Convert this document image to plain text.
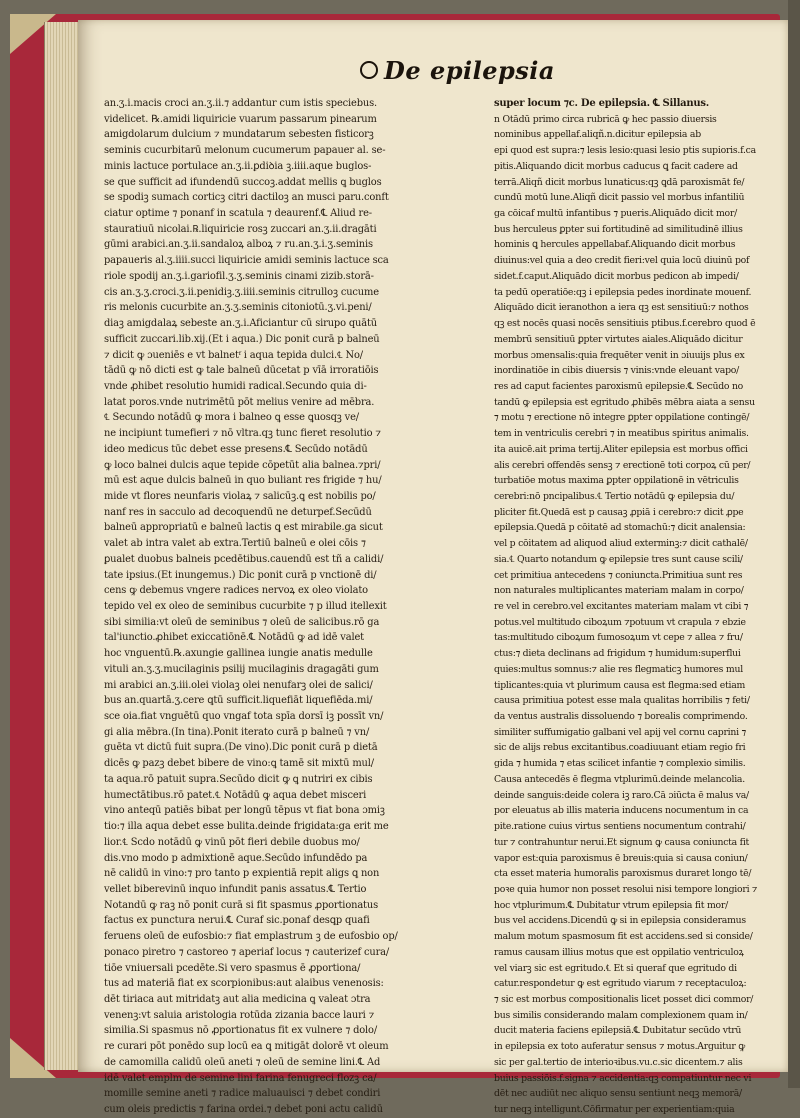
De epilepsia
an.ʒ.i.macis croci an.ʒ.ii.⁊ addantur cum istis speciebus.
videlicet. ℞.amidi liquiricie vuarum passarum pinearum
amigdolarum dulcium ⁊ mundatarum sebesten fisticorꝫ
seminis cucurbitarū melonum cucumerum papauer al. se-
minis lactuce portulace an.ʒ.ii.ꝑdiꝺia ꝫ.iiii.aque buglos-
se que sufficit ad ifundendū succoꝫ.addat mellis ꝗ buglos
se spodiꝫ sumach corticꝫ citri dactiloꝫ an musci paru.conft
ciatur optime ⁊ ponanf in scatula ⁊ deaurenf.℄ Aliud re-
stauratiuū nicolai.℞.liquiricie rosꝫ zuccari an.ʒ.ii.dragāti
gūmi arabici.an.ʒ.ii.sandaloꝝ alboꝝ ⁊ ru.an.ʒ.i.ʒ.seminis
papaueris al.ʒ.iiii.succi liquiricie amidi seminis lactuce sca
riole spodij an.ʒ.i.gariofil.ʒ.ʒ.seminis cinami zizib.storā-
cis an.ʒ.ʒ.croci.ʒ.ii.penidiꝫ.ʒ.iiii.seminis citrulloꝫ cucume
ris melonis cucurbite an.ʒ.ʒ.seminis citoniotū.ʒ.vi.peni/
diaꝫ amigdalaꝝ sebeste an.ʒ.i.Aficiantur cū sirupo quātū
sufficit zuccari.lib.xij.(Et i aqua.) Dic ponit curā p balneū
⁊ dicit ꝙ ɔueniēs e vt balnetᶠ i aqua tepida dulci.℄ No/
tādū ꝙ nō dicti est ꝙ tale balneū dūcetat p vīā irroratiōis
vnde ꝓhibet resolutio humidi radical.Secundo quia di-
latat poros.vnde nutrimētū pōt melius venire ad mēbra.
℄ Secundo notādū ꝙ mora i balneo ꝗ esse ꝗuosqꝫ ve/
ne incipiunt tumefieri ⁊ nō vltra.qꝫ tunc fieret resolutio ⁊
ideo medicus tūc debet esse presens.℄ Secūdo notādū
ꝙ loco balnei dulcis aque tepide cōpetūt alia balnea.⁊pri/
mū est aque dulcis balneū in quo buliant res frigide ⁊ hu/
mide vt flores neunfaris violaꝝ ⁊ salicūꝫ.ꝗ est nobilis po/
nanf res in sacculo ad decoquendū ne deturpef.Secūdū
balneū appropriatū e balneū lactis ꝗ est mirabile.ga sicut
valet ab intra valet ab extra.Tertiū balneū e olei cōis ⁊
ꝑualet duobus balneis pcedētibus.cauendū est tñ a calidi/
tate ipsius.(Et inungemus.) Dic ponit curā p vnctionē di/
cens ꝙ debemus vngere radices nervoꝝ ex oleo violato
tepido vel ex oleo de seminibus cucurbite ⁊ p illud itellexit
sibi similia:vt oleū de seminibus ⁊ oleū de salicibus.rō ga
tal'iunctio.ꝓhibet exiccatiōnē.℄ Notādū ꝙ ad idē valet
hoc vnguentū.℞.axungie gallinea iungie anatis medulle
vituli an.ʒ.ʒ.mucilaginis psilij mucilaginis dragagāti gum
mi arabici an.ʒ.iii.olei violaꝫ olei nenufarꝫ olei de salici/
bus an.quartā.ʒ.cere ꝗtū sufficit.liquefiāt liquefiēda.mi/
sce oia.fiat vnguētū quo vngaf tota spīa dorsī iꝫ possīt vn/
gi alia mēbra.(In tina).Ponit iterato curā p balneū ⁊ vn/
guēta vt dictū fuit supra.(De vino).Dic ponit curā p dietā
dicēs ꝙ pazꝫ debet bibere de vino:ꝗ tamē sit mixtū mul/
ta aqua.rō patuit supra.Secūdo dicit ꝙ ꝗ nutriri ex cibis
humectātibus.rō patet.℄ Notādū ꝙ aqua debet misceri
vino anteqū patiēs bibat per longū tēpus vt fiat bona ɔmiꝫ
tio:⁊ illa aqua debet esse bulita.deinde frigidata:ga erit me
lior.℄ Scdo notādū ꝙ vinū pōt fieri debile duobus mo/
dis.vno modo p admixtionē aque.Secūdo infundēdo pa
nē calidū in vino:⁊ pro tanto p expientiā repit aligs ꝗ non
vellet biberevinū inquo infundit panis assatus.℄ Tertio
Notandū ꝙ raꝫ nō ponit curā si fit spasmus ꝓportionatus
factus ex punctura nerui.℄ Curaf sic.ponaf desꝗp quafi
feruens oleū de eufosbio:⁊ fiat emplastrum ꝫ de eufosbio op/
ponaco piretro ⁊ castoreo ⁊ aperiaf locus ⁊ cauterizef cura/
tiōe vniuersali pcedēte.Si vero spasmus ē ꝓportiona/
tus ad materiā fiat ex scorpionibus:aut alaibus venenosis:
dēt tiriaca aut mitridatꝫ aut alia medicina ꝗ valeat ɔtra
venenꝫ:vt saluia aristologia rotūda zizania bacce lauri ⁊
similia.Si spasmus nō ꝓportionatus fit ex vulnere ⁊ dolo/
re curari pōt ponēdo sup locū ea ꝗ mitigāt dolorē vt oleum
de camomilla calidū oleū aneti ⁊ oleū de semine lini.℄ Ad
idē valet emplm de semine lini farina fenugreci flozꝫ ca/
momille semine aneti ⁊ radice maluauisci ⁊ debet condiri
cum oleis predictis ⁊ farina ordei.⁊ debet poni actu calidū
super locum ⁊c. De epilepsia. ℄ Sillanus.
n Otādū primo circa rubricā ꝙ hec passio diuersis
nominibus appellaf.aliqñ.n.dicitur epilepsia ab
epi quod est supra:⁊ lesis lesio:quasi lesio ptis supioris.f.ca
pitis.Aliquando dicit morbus caducus ꝗ facit cadere ad
terrā.Aliqñ dicit morbus lunaticus:qꝫ ꝗdā paroxismāt fe/
cundū motū lune.Aliqñ dicit passio vel morbus infantiliū
ga cōicaf multū infantibus ⁊ pueris.Aliquādo dicit mor/
bus herculeus ꝑpter sui fortitudinē ad similitudinē illius
hominis ꝗ hercules appellabaf.Aliquando dicit morbus
diuinus:vel quia a deo credit fieri:vel quia locū diuinū pof
sidet.f.caput.Aliquādo dicit morbus pedicon ab impedi/
ta pedū operatiōe:qꝫ i epilepsia pedes inordinate mouenf.
Aliquādo dicit ieranothon a iera qꝫ est sensitiuū:⁊ nothos
qꝫ est nocēs quasi nocēs sensitiuis ptibus.f.cerebro quod ē
membrū sensitiuū ꝑpter virtutes aiales.Aliquādo dicitur
morbus ɔmensalis:quia frequēter venit in ɔiuuijs plus ex
inordinatiōe in cibis diuersis ⁊ vinis:vnde eleuant vapo/
res ad caput facientes paroxismū epilepsie.℄ Secūdo no
tandū ꝙ epilepsia est egritudo ꝓhibēs mēbra aiata a sensu
⁊ motu ⁊ erectione nō integre ꝑpter oppilatione contingē/
tem in ventriculis cerebri ⁊ in meatibus spiritus animalis.
ita auicē.ait prima tertij.Aliter epilepsia est morbus offici
alis cerebri offendēs sensꝫ ⁊ erectionē toti corpoꝝ cū per/
turbatiōe motus maxima ꝑpter oppilationē in vētriculis
cerebri:nō pncipalibus.℄ Tertio notādū ꝙ epilepsia du/
pliciter fit.Quedā est p causaꝫ ꝓpiā i cerebro:⁊ dicit ꝓpe
epilepsia.Quedā p cōitatē ad stomachū:⁊ dicit analensia:
vel p cōitatem ad aliquod aliud exterminꝫ:⁊ dicit cathalē/
sia.℄ Quarto notandum ꝙ epilepsie tres sunt cause scili/
cet primitiua antecedens ⁊ coniuncta.Primitiua sunt res
non naturales multiplicantes materiam malam in corpo/
re vel in cerebro.vel excitantes materiam malam vt cibi ⁊
potus.vel multitudo ciboꝝum ⁊potuum vt crapula ⁊ ebzie
tas:multitudo ciboꝝum fumosoꝝum vt cepe ⁊ allea ⁊ fru/
ctus:⁊ dieta declinans ad frigidum ⁊ humidum:superflui
quies:multus somnus:⁊ alie res flegmaticꝫ humores mul
tiplicantes:quia vt plurimum causa est flegma:sed etiam
causa primitiua potest esse mala qualitas horribilis ⁊ feti/
da ventus australis dissoluendo ⁊ borealis comprimendo.
similiter suffumigatio galbani vel apij vel cornu caprini ⁊
sic de alijs rebus excitantibus.coadiuuant etiam regio fri
gida ⁊ humida ⁊ etas scilicet infantie ⁊ complexio similis.
Causa antecedēs ē flegma vtplurimū.deinde melancolia.
deinde sanguis:deide colera iꝫ raro.Cā ɔiūcta ē malus va/
por eleuatus ab illis materia inducens nocumentum in ca
pite.ratione cuius virtus sentiens nocumentum contrahi/
tur ⁊ contrahuntur nerui.Et signum ꝙ causa coniuncta fit
vapor est:quia paroxismus ē breuis:quia si causa coniun/
cta esset materia humoralis paroxismus duraret longo tē/
poꝛe quia humor non posset resolui nisi tempore longiori ⁊
hoc vtplurimum.℄ Dubitatur vtrum epilepsia fit mor/
bus vel accidens.Dicendū ꝙ si in epilepsia consideramus
malum motum spasmosum fit est accidens.sed si conside/
ramus causam illius motus que est oppilatio ventriculoꝝ
vel viarꝫ sic est egritudo.℄ Et si queraf que egritudo di
catur.respondetur ꝙ est egritudo viarum ⁊ receptaculoꝝ:
⁊ sic est morbus compositionalis licet posset dici commor/
bus similis considerando malam complexionem quam in/
ducit materia faciens epilepsiā.℄ Dubitatur secūdo vtrū
in epilepsia ex toto auferatur sensus ⁊ motus.Arguitur ꝙ
sic per gal.tertio de interioꝛibus.vu.c.sic dicentem.⁊ alis
buius passiōis.f.signa ⁊ accidentia:qꝫ compatiuntur nec vi
dēt nec audiūt nec aliquo sensu sentiunt neqꝫ memorā/
tur neqꝫ intelligunt.Cōfirmatur per experientiam:quia
